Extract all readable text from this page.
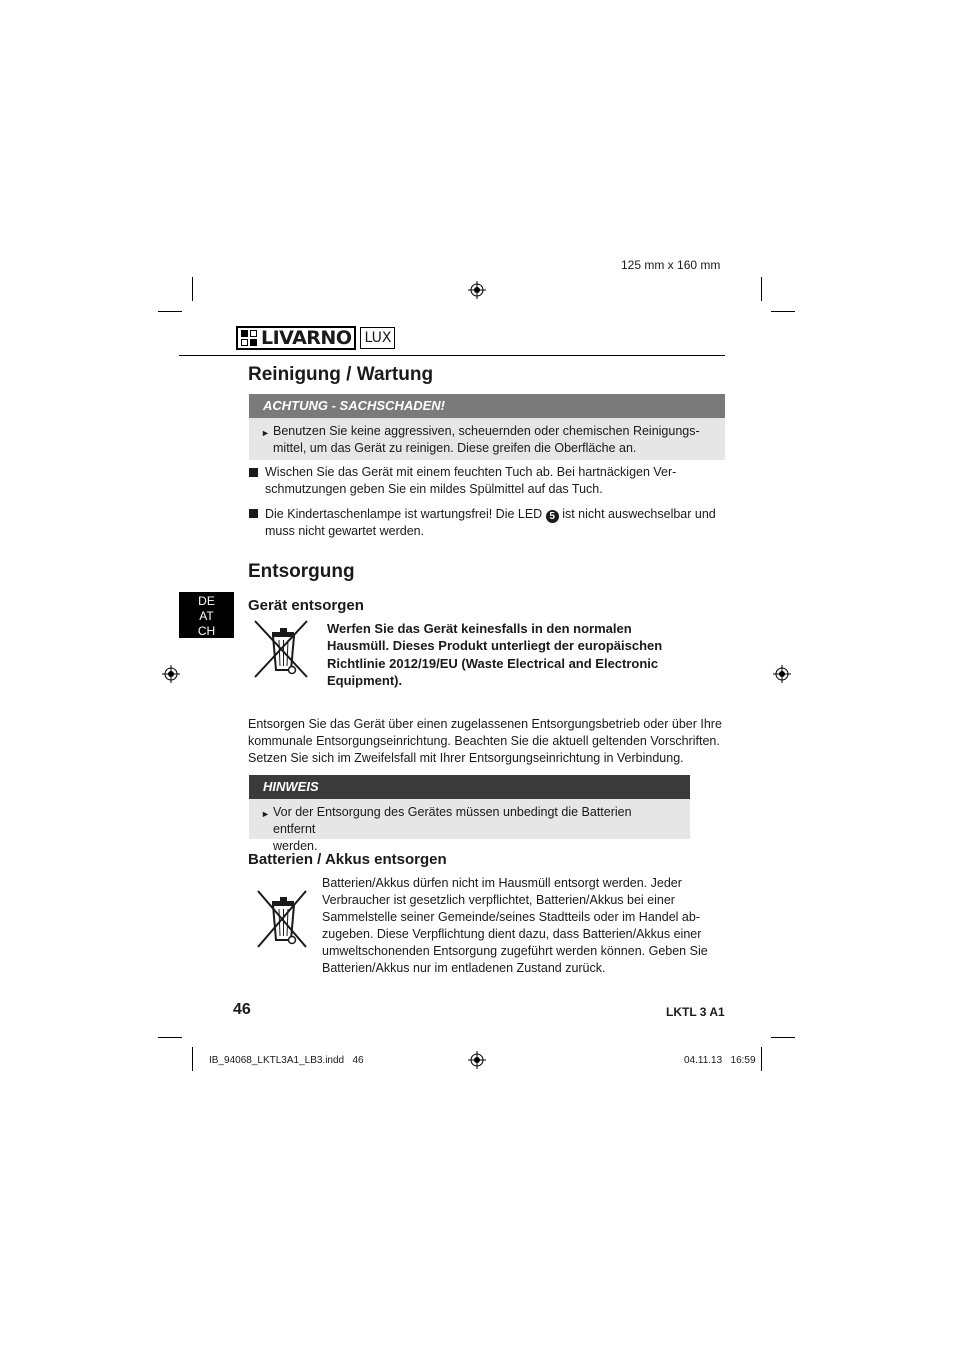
125 mm x 160 mm
LIVARNO LUX
Reinigung / Wartung
ACHTUNG - SACHSCHADEN!
► Benutzen Sie keine aggressiven, scheuernden oder chemischen Reinigungs-
mittel, um das Gerät zu reinigen. Diese greifen die Oberfläche an.
Wischen Sie das Gerät mit einem feuchten Tuch ab. Bei hartnäckigen Ver-
schmutzungen geben Sie ein mildes Spülmittel auf das Tuch.
Die Kindertaschenlampe ist wartungsfrei! Die LED 5 ist nicht auswechselbar und
muss nicht gewartet werden.
Entsorgung
DE
AT
CH
Gerät entsorgen
Werfen Sie das Gerät keinesfalls in den normalen
Hausmüll. Dieses Produkt unterliegt der europäischen
Richtlinie 2012/19/EU (Waste Electrical and Electronic
Equipment).
Entsorgen Sie das Gerät über einen zugelassenen Entsorgungsbetrieb oder über Ihre
kommunale Entsorgungseinrichtung. Beachten Sie die aktuell geltenden Vorschriften.
Setzen Sie sich im Zweifelsfall mit Ihrer Entsorgungseinrichtung in Verbindung.
HINWEIS
► Vor der Entsorgung des Gerätes müssen unbedingt die Batterien entfernt
werden.
Batterien / Akkus entsorgen
Batterien/Akkus dürfen nicht im Hausmüll entsorgt werden. Jeder
Verbraucher ist gesetzlich verpflichtet, Batterien/Akkus bei einer
Sammelstelle seiner Gemeinde/seines Stadtteils oder im Handel ab-
zugeben. Diese Verpflichtung dient dazu, dass Batterien/Akkus einer
umweltschonenden Entsorgung zugeführt werden können. Geben Sie
Batterien/Akkus nur im entladenen Zustand zurück.
46	LKTL 3 A1
IB_94068_LKTL3A1_LB3.indd   46	04.11.13   16:59
